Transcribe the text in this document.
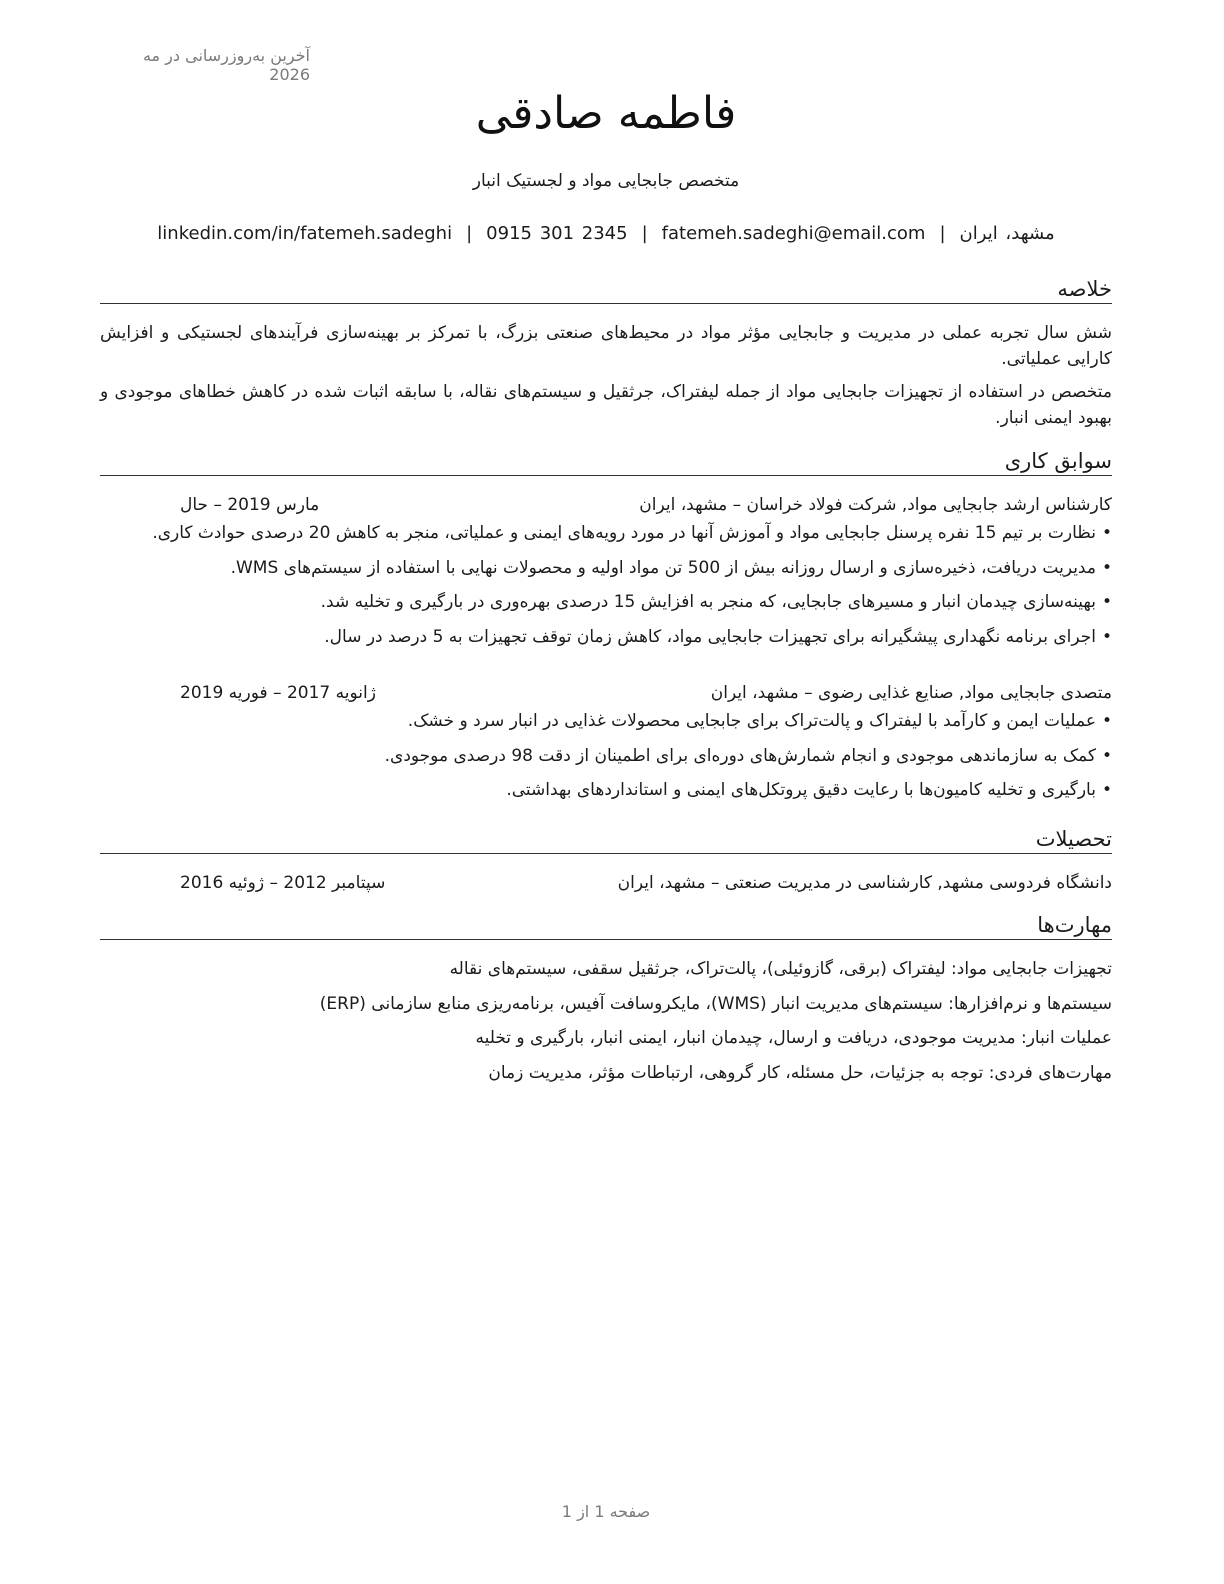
آخرین به‌روزرسانی در مه 2026
فاطمه صادقی
متخصص جابجایی مواد و لجستیک انبار
مشهد، ایران|fatemeh.sadeghi@email.com|0915 301 2345|linkedin.com/in/fatemeh.sadeghi
خلاصه

شش سال تجربه عملی در مدیریت و جابجایی مؤثر مواد در محیط‌های صنعتی بزرگ، با تمرکز بر بهینه‌سازی فرآیندهای لجستیکی و افزایش کارایی عملیاتی.

متخصص در استفاده از تجهیزات جابجایی مواد از جمله لیفتراک، جرثقیل و سیستم‌های نقاله، با سابقه اثبات شده در کاهش خطاهای موجودی و بهبود ایمنی انبار.

سوابق کاری
کارشناس ارشد جابجایی مواد, شرکت فولاد خراسان – مشهد، ایران
مارس 2019 – حال
•نظارت بر تیم 15 نفره پرسنل جابجایی مواد و آموزش آنها در مورد رویه‌های ایمنی و عملیاتی، منجر به کاهش 20 درصدی حوادث کاری.
•مدیریت دریافت، ذخیره‌سازی و ارسال روزانه بیش از 500 تن مواد اولیه و محصولات نهایی با استفاده از سیستم‌های WMS.
•بهینه‌سازی چیدمان انبار و مسیرهای جابجایی، که منجر به افزایش 15 درصدی بهره‌وری در بارگیری و تخلیه شد.
•اجرای برنامه نگهداری پیشگیرانه برای تجهیزات جابجایی مواد، کاهش زمان توقف تجهیزات به 5 درصد در سال.
متصدی جابجایی مواد, صنایع غذایی رضوی – مشهد، ایران
ژانویه 2017 – فوریه 2019
•عملیات ایمن و کارآمد با لیفتراک و پالت‌تراک برای جابجایی محصولات غذایی در انبار سرد و خشک.
•کمک به سازماندهی موجودی و انجام شمارش‌های دوره‌ای برای اطمینان از دقت 98 درصدی موجودی.
•بارگیری و تخلیه کامیون‌ها با رعایت دقیق پروتکل‌های ایمنی و استانداردهای بهداشتی.
تحصیلات
دانشگاه فردوسی مشهد, کارشناسی در مدیریت صنعتی – مشهد، ایران
سپتامبر 2012 – ژوئیه 2016
مهارت‌ها
تجهیزات جابجایی مواد: لیفتراک (برقی، گازوئیلی)، پالت‌تراک، جرثقیل سقفی، سیستم‌های نقاله
سیستم‌ها و نرم‌افزارها: سیستم‌های مدیریت انبار (WMS)، مایکروسافت آفیس، برنامه‌ریزی منابع سازمانی (ERP)
عملیات انبار: مدیریت موجودی، دریافت و ارسال، چیدمان انبار، ایمنی انبار، بارگیری و تخلیه
مهارت‌های فردی: توجه به جزئیات، حل مسئله، کار گروهی، ارتباطات مؤثر، مدیریت زمان
صفحه 1 از 1
